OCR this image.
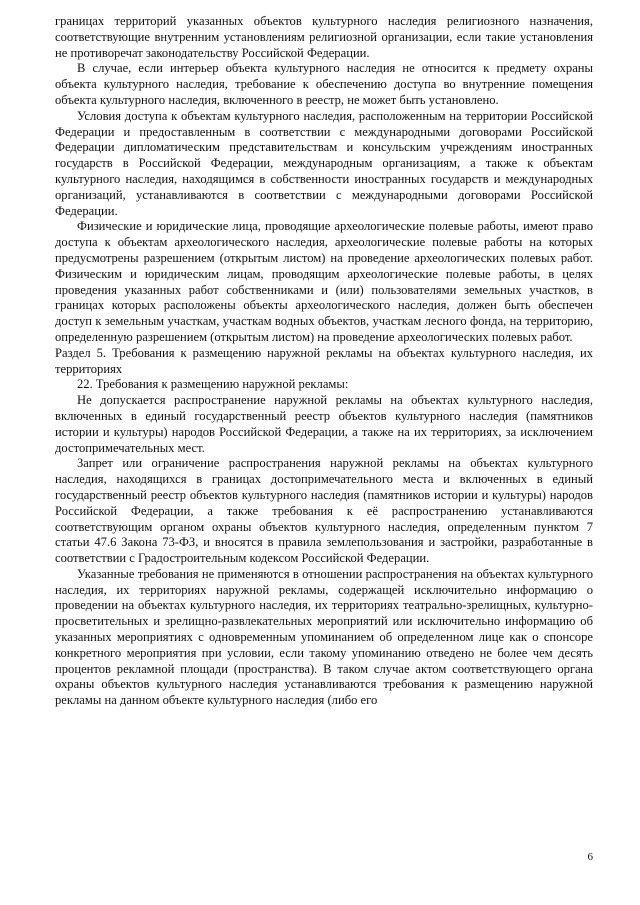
границах территорий указанных объектов культурного наследия религиозного назначения, соответствующие внутренним установлениям религиозной организации, если такие установления не противоречат законодательству Российской Федерации.

В случае, если интерьер объекта культурного наследия не относится к предмету охраны объекта культурного наследия, требование к обеспечению доступа во внутренние помещения объекта культурного наследия, включенного в реестр, не может быть установлено.

Условия доступа к объектам культурного наследия, расположенным на территории Российской Федерации и предоставленным в соответствии с международными договорами Российской Федерации дипломатическим представительствам и консульским учреждениям иностранных государств в Российской Федерации, международным организациям, а также к объектам культурного наследия, находящимся в собственности иностранных государств и международных организаций, устанавливаются в соответствии с международными договорами Российской Федерации.

Физические и юридические лица, проводящие археологические полевые работы, имеют право доступа к объектам археологического наследия, археологические полевые работы на которых предусмотрены разрешением (открытым листом) на проведение археологических полевых работ. Физическим и юридическим лицам, проводящим археологические полевые работы, в целях проведения указанных работ собственниками и (или) пользователями земельных участков, в границах которых расположены объекты археологического наследия, должен быть обеспечен доступ к земельным участкам, участкам водных объектов, участкам лесного фонда, на территорию, определенную разрешением (открытым листом) на проведение археологических полевых работ.

Раздел 5. Требования к размещению наружной рекламы на объектах культурного наследия, их территориях

22. Требования к размещению наружной рекламы:

Не допускается распространение наружной рекламы на объектах культурного наследия, включенных в единый государственный реестр объектов культурного наследия (памятников истории и культуры) народов Российской Федерации, а также на их территориях, за исключением достопримечательных мест.

Запрет или ограничение распространения наружной рекламы на объектах культурного наследия, находящихся в границах достопримечательного места и включенных в единый государственный реестр объектов культурного наследия (памятников истории и культуры) народов Российской Федерации, а также требования к её распространению устанавливаются соответствующим органом охраны объектов культурного наследия, определенным пунктом 7 статьи 47.6 Закона 73-ФЗ, и вносятся в правила землепользования и застройки, разработанные в соответствии с Градостроительным кодексом Российской Федерации.

Указанные требования не применяются в отношении распространения на объектах культурного наследия, их территориях наружной рекламы, содержащей исключительно информацию о проведении на объектах культурного наследия, их территориях театрально-зрелищных, культурно-просветительных и зрелищно-развлекательных мероприятий или исключительно информацию об указанных мероприятиях с одновременным упоминанием об определенном лице как о спонсоре конкретного мероприятия при условии, если такому упоминанию отведено не более чем десять процентов рекламной площади (пространства). В таком случае актом соответствующего органа охраны объектов культурного наследия устанавливаются требования к размещению наружной рекламы на данном объекте культурного наследия (либо его

6
